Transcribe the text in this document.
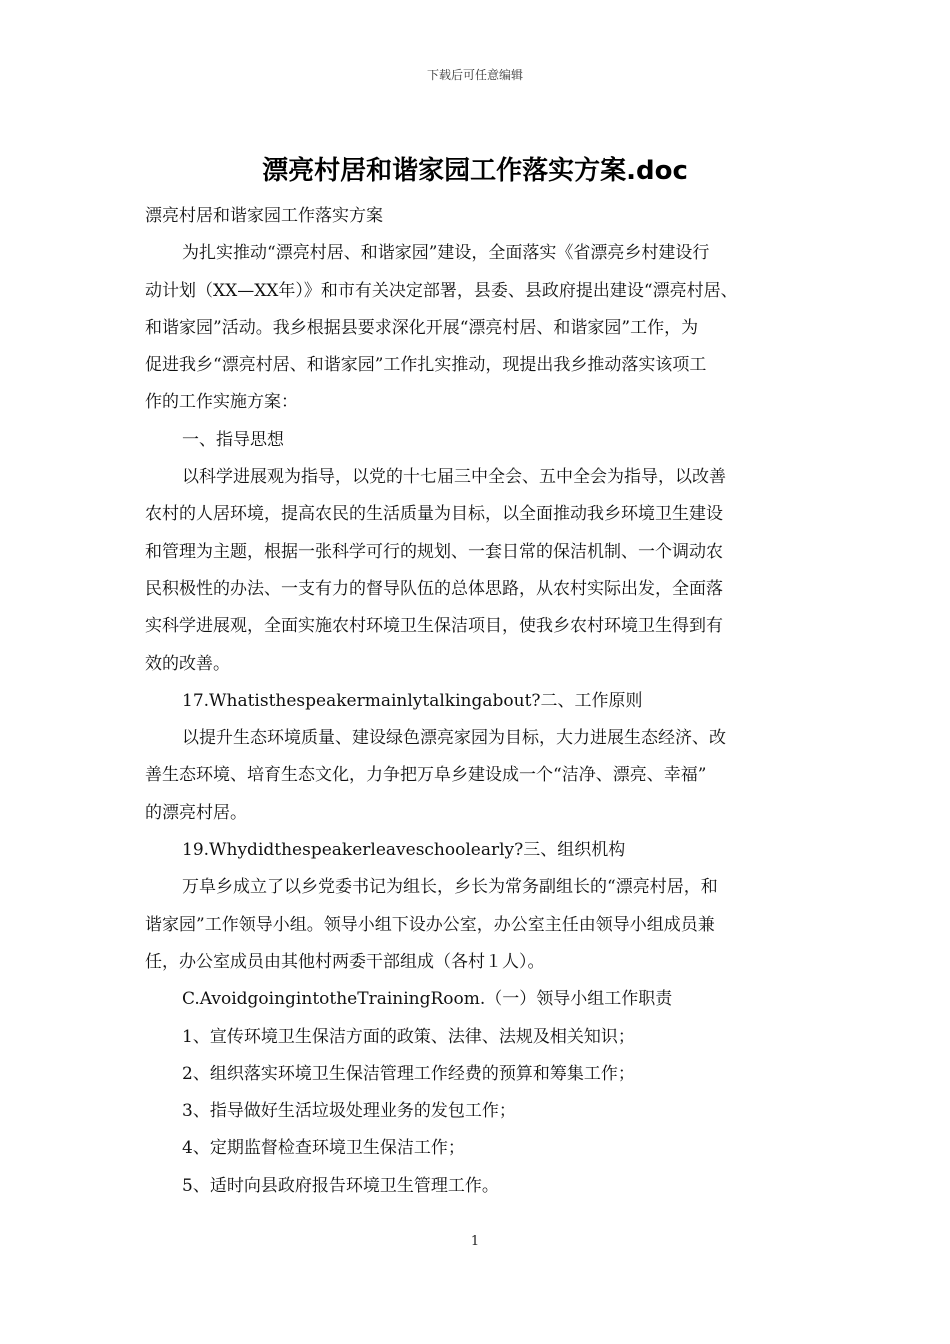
下载后可任意编辑
漂亮村居和谐家园工作落实方案.doc
漂亮村居和谐家园工作落实方案
为扎实推动“漂亮村居、和谐家园”建设，全面落实《省漂亮乡村建设行
动计划（XX—XX年）》和市有关决定部署，县委、县政府提出建设“漂亮村居、
和谐家园”活动。我乡根据县要求深化开展“漂亮村居、和谐家园”工作，为
促进我乡“漂亮村居、和谐家园”工作扎实推动，现提出我乡推动落实该项工
作的工作实施方案：
一、指导思想
以科学进展观为指导，以党的十七届三中全会、五中全会为指导，以改善
农村的人居环境，提高农民的生活质量为目标，以全面推动我乡环境卫生建设
和管理为主题，根据一张科学可行的规划、一套日常的保洁机制、一个调动农
民积极性的办法、一支有力的督导队伍的总体思路，从农村实际出发，全面落
实科学进展观，全面实施农村环境卫生保洁项目，使我乡农村环境卫生得到有
效的改善。
17.Whatisthespeakermainlytalkingabout?二、工作原则
以提升生态环境质量、建设绿色漂亮家园为目标，大力进展生态经济、改
善生态环境、培育生态文化，力争把万阜乡建设成一个“洁净、漂亮、幸福”
的漂亮村居。
19.Whydidthespeakerleaveschoolearly?三、组织机构
万阜乡成立了以乡党委书记为组长，乡长为常务副组长的“漂亮村居，和
谐家园”工作领导小组。领导小组下设办公室，办公室主任由领导小组成员兼
任，办公室成员由其他村两委干部组成（各村１人）。
C.AvoidgoingintotheTrainingRoom.（一）领导小组工作职责
1、宣传环境卫生保洁方面的政策、法律、法规及相关知识；
2、组织落实环境卫生保洁管理工作经费的预算和筹集工作；
3、指导做好生活垃圾处理业务的发包工作；
4、定期监督检查环境卫生保洁工作；
5、适时向县政府报告环境卫生管理工作。
1
